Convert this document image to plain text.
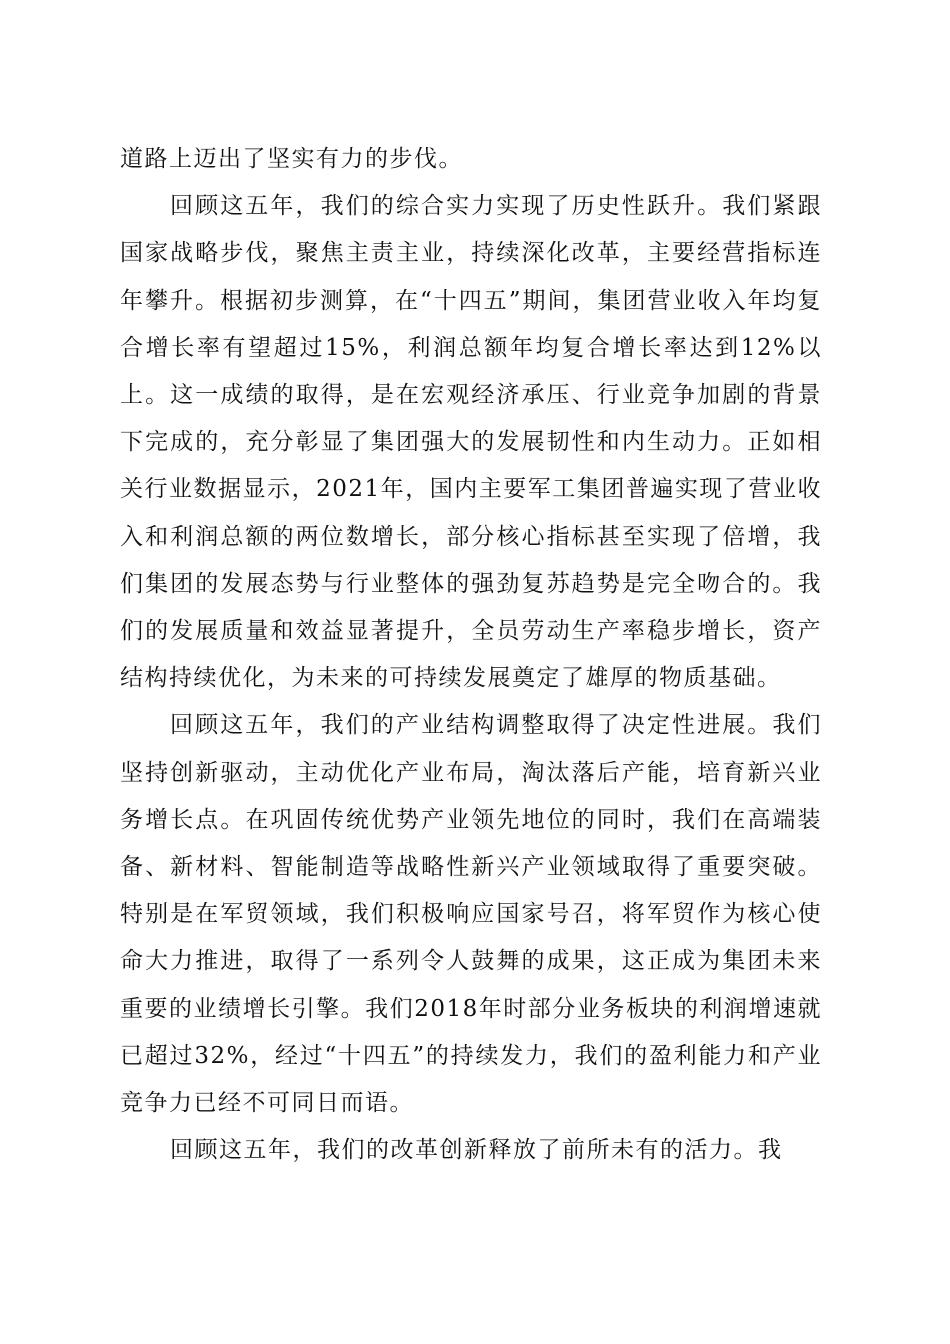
道路上迈出了坚实有力的步伐。

回顾这五年，我们的综合实力实现了历史性跃升。我们紧跟国家战略步伐，聚焦主责主业，持续深化改革，主要经营指标连年攀升。根据初步测算，在“十四五”期间，集团营业收入年均复合增长率有望超过15%，利润总额年均复合增长率达到12%以上。这一成绩的取得，是在宏观经济承压、行业竞争加剧的背景下完成的，充分彰显了集团强大的发展韧性和内生动力。正如相关行业数据显示，2021年，国内主要军工集团普遍实现了营业收入和利润总额的两位数增长，部分核心指标甚至实现了倍增，我们集团的发展态势与行业整体的强劲复苏趋势是完全吻合的。我们的发展质量和效益显著提升，全员劳动生产率稳步增长，资产结构持续优化，为未来的可持续发展奠定了雄厚的物质基础。

回顾这五年，我们的产业结构调整取得了决定性进展。我们坚持创新驱动，主动优化产业布局，淘汰落后产能，培育新兴业务增长点。在巩固传统优势产业领先地位的同时，我们在高端装备、新材料、智能制造等战略性新兴产业领域取得了重要突破。特别是在军贸领域，我们积极响应国家号召，将军贸作为核心使命大力推进，取得了一系列令人鼓舞的成果，这正成为集团未来重要的业绩增长引擎。我们2018年时部分业务板块的利润增速就已超过32%，经过“十四五”的持续发力，我们的盈利能力和产业竞争力已经不可同日而语。

回顾这五年，我们的改革创新释放了前所未有的活力。我
